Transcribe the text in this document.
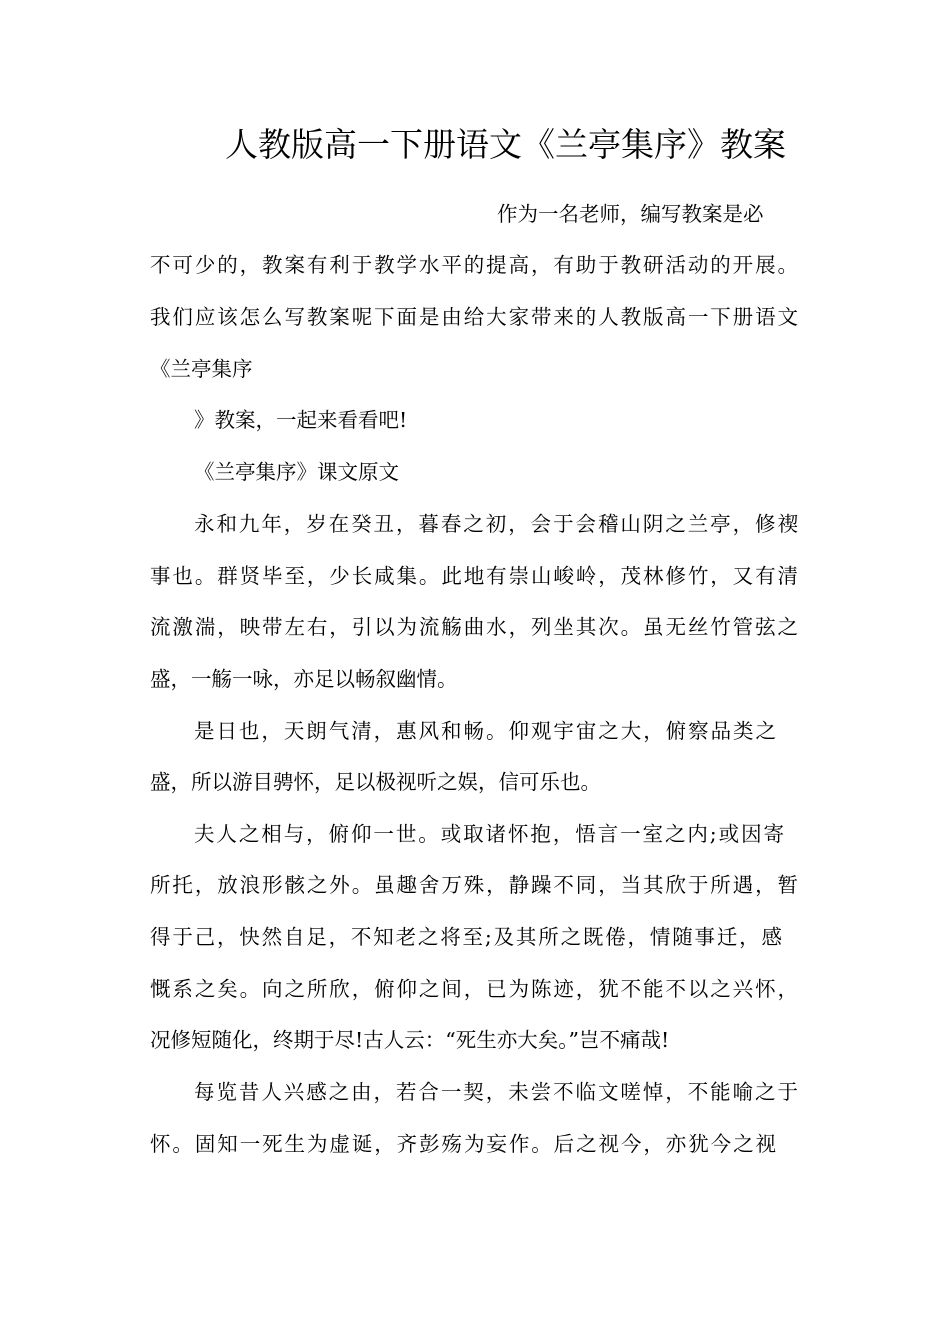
人教版高一下册语文《兰亭集序》教案
作为一名老师，编写教案是必
不可少的，教案有利于教学水平的提高，有助于教研活动的开展。
我们应该怎么写教案呢下面是由给大家带来的人教版高一下册语文
《兰亭集序
》教案，一起来看看吧!
《兰亭集序》课文原文
永和九年，岁在癸丑，暮春之初，会于会稽山阴之兰亭，修禊
事也。群贤毕至，少长咸集。此地有崇山峻岭，茂林修竹，又有清
流激湍，映带左右，引以为流觞曲水，列坐其次。虽无丝竹管弦之
盛，一觞一咏，亦足以畅叙幽情。
是日也，天朗气清，惠风和畅。仰观宇宙之大，俯察品类之
盛，所以游目骋怀，足以极视听之娱，信可乐也。
夫人之相与，俯仰一世。或取诸怀抱，悟言一室之内;或因寄
所托，放浪形骸之外。虽趣舍万殊，静躁不同，当其欣于所遇，暂
得于己，快然自足，不知老之将至;及其所之既倦，情随事迁，感
慨系之矣。向之所欣，俯仰之间，已为陈迹，犹不能不以之兴怀，
况修短随化，终期于尽!古人云：“死生亦大矣。”岂不痛哉!
每览昔人兴感之由，若合一契，未尝不临文嗟悼，不能喻之于
怀。固知一死生为虚诞，齐彭殇为妄作。后之视今，亦犹今之视
